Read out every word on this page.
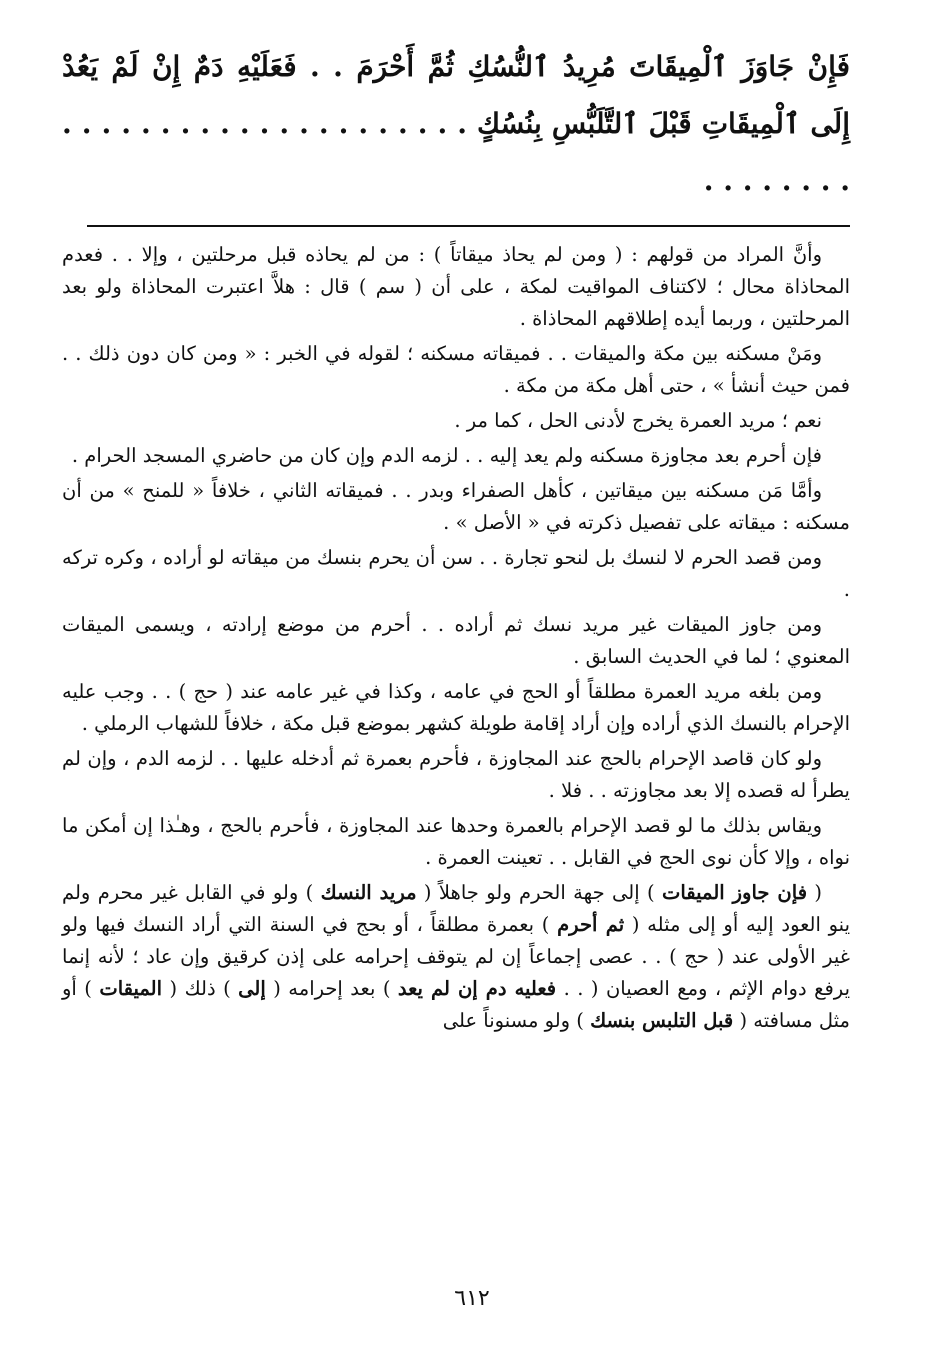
فَإِنْ جَاوَزَ ٱلْمِيقَاتَ مُرِيدُ ٱلنُّسُكِ ثُمَّ أَحْرَمَ . . فَعَلَيْهِ دَمٌ إِنْ لَمْ يَعُدْ إِلَى ٱلْمِيقَاتِ قَبْلَ ٱلتَّلَبُّسِ بِنُسُكٍ . . . . . . . . . . . . . . . . . . . . . . . . . . . . .

وأنَّ المراد من قولهم : ( ومن لم يحاذ ميقاتاً ) : من لم يحاذه قبل مرحلتين ، وإلا . . فعدم المحاذاة محال ؛ لاكتناف المواقيت لمكة ، على أن ( سم ) قال : هلاَّ اعتبرت المحاذاة ولو بعد المرحلتين ، وربما أيده إطلاقهم المحاذاة .

ومَنْ مسكنه بين مكة والميقات . . فميقاته مسكنه ؛ لقوله في الخبر : « ومن كان دون ذلك . . فمن حيث أنشأ » ، حتى أهل مكة من مكة .

نعم ؛ مريد العمرة يخرج لأدنى الحل ، كما مر .

فإن أحرم بعد مجاوزة مسكنه ولم يعد إليه . . لزمه الدم وإن كان من حاضري المسجد الحرام .

وأمَّا مَن مسكنه بين ميقاتين ، كأهل الصفراء وبدر . . فميقاته الثاني ، خلافاً « للمنح » من أن مسكنه : ميقاته على تفصيل ذكرته في « الأصل » .

ومن قصد الحرم لا لنسك بل لنحو تجارة . . سن أن يحرم بنسك من ميقاته لو أراده ، وكره تركه .

ومن جاوز الميقات غير مريد نسك ثم أراده . . أحرم من موضع إرادته ، ويسمى الميقات المعنوي ؛ لما في الحديث السابق .

ومن بلغه مريد العمرة مطلقاً أو الحج في عامه ، وكذا في غير عامه عند ( حج ) . . وجب عليه الإحرام بالنسك الذي أراده وإن أراد إقامة طويلة كشهر بموضع قبل مكة ، خلافاً للشهاب الرملي .

ولو كان قاصد الإحرام بالحج عند المجاوزة ، فأحرم بعمرة ثم أدخله عليها . . لزمه الدم ، وإن لم يطرأ له قصده إلا بعد مجاوزته . . فلا .

ويقاس بذلك ما لو قصد الإحرام بالعمرة وحدها عند المجاوزة ، فأحرم بالحج ، وهـٰذا إن أمكن ما نواه ، وإلا كأن نوى الحج في القابل . . تعينت العمرة .

( فإن جاوز الميقات ) إلى جهة الحرم ولو جاهلاً ( مريد النسك ) ولو في القابل غير محرم ولم ينو العود إليه أو إلى مثله ( ثم أحرم ) بعمرة مطلقاً ، أو بحج في السنة التي أراد النسك فيها ولو غير الأولى عند ( حج ) . . عصى إجماعاً إن لم يتوقف إحرامه على إذن كرقيق وإن عاد ؛ لأنه إنما يرفع دوام الإثم ، ومع العصيان ( . . فعليه دم إن لم يعد ) بعد إحرامه ( إلى ) ذلك ( الميقات ) أو مثل مسافته ( قبل التلبس بنسك ) ولو مسنوناً على

٦١٢
